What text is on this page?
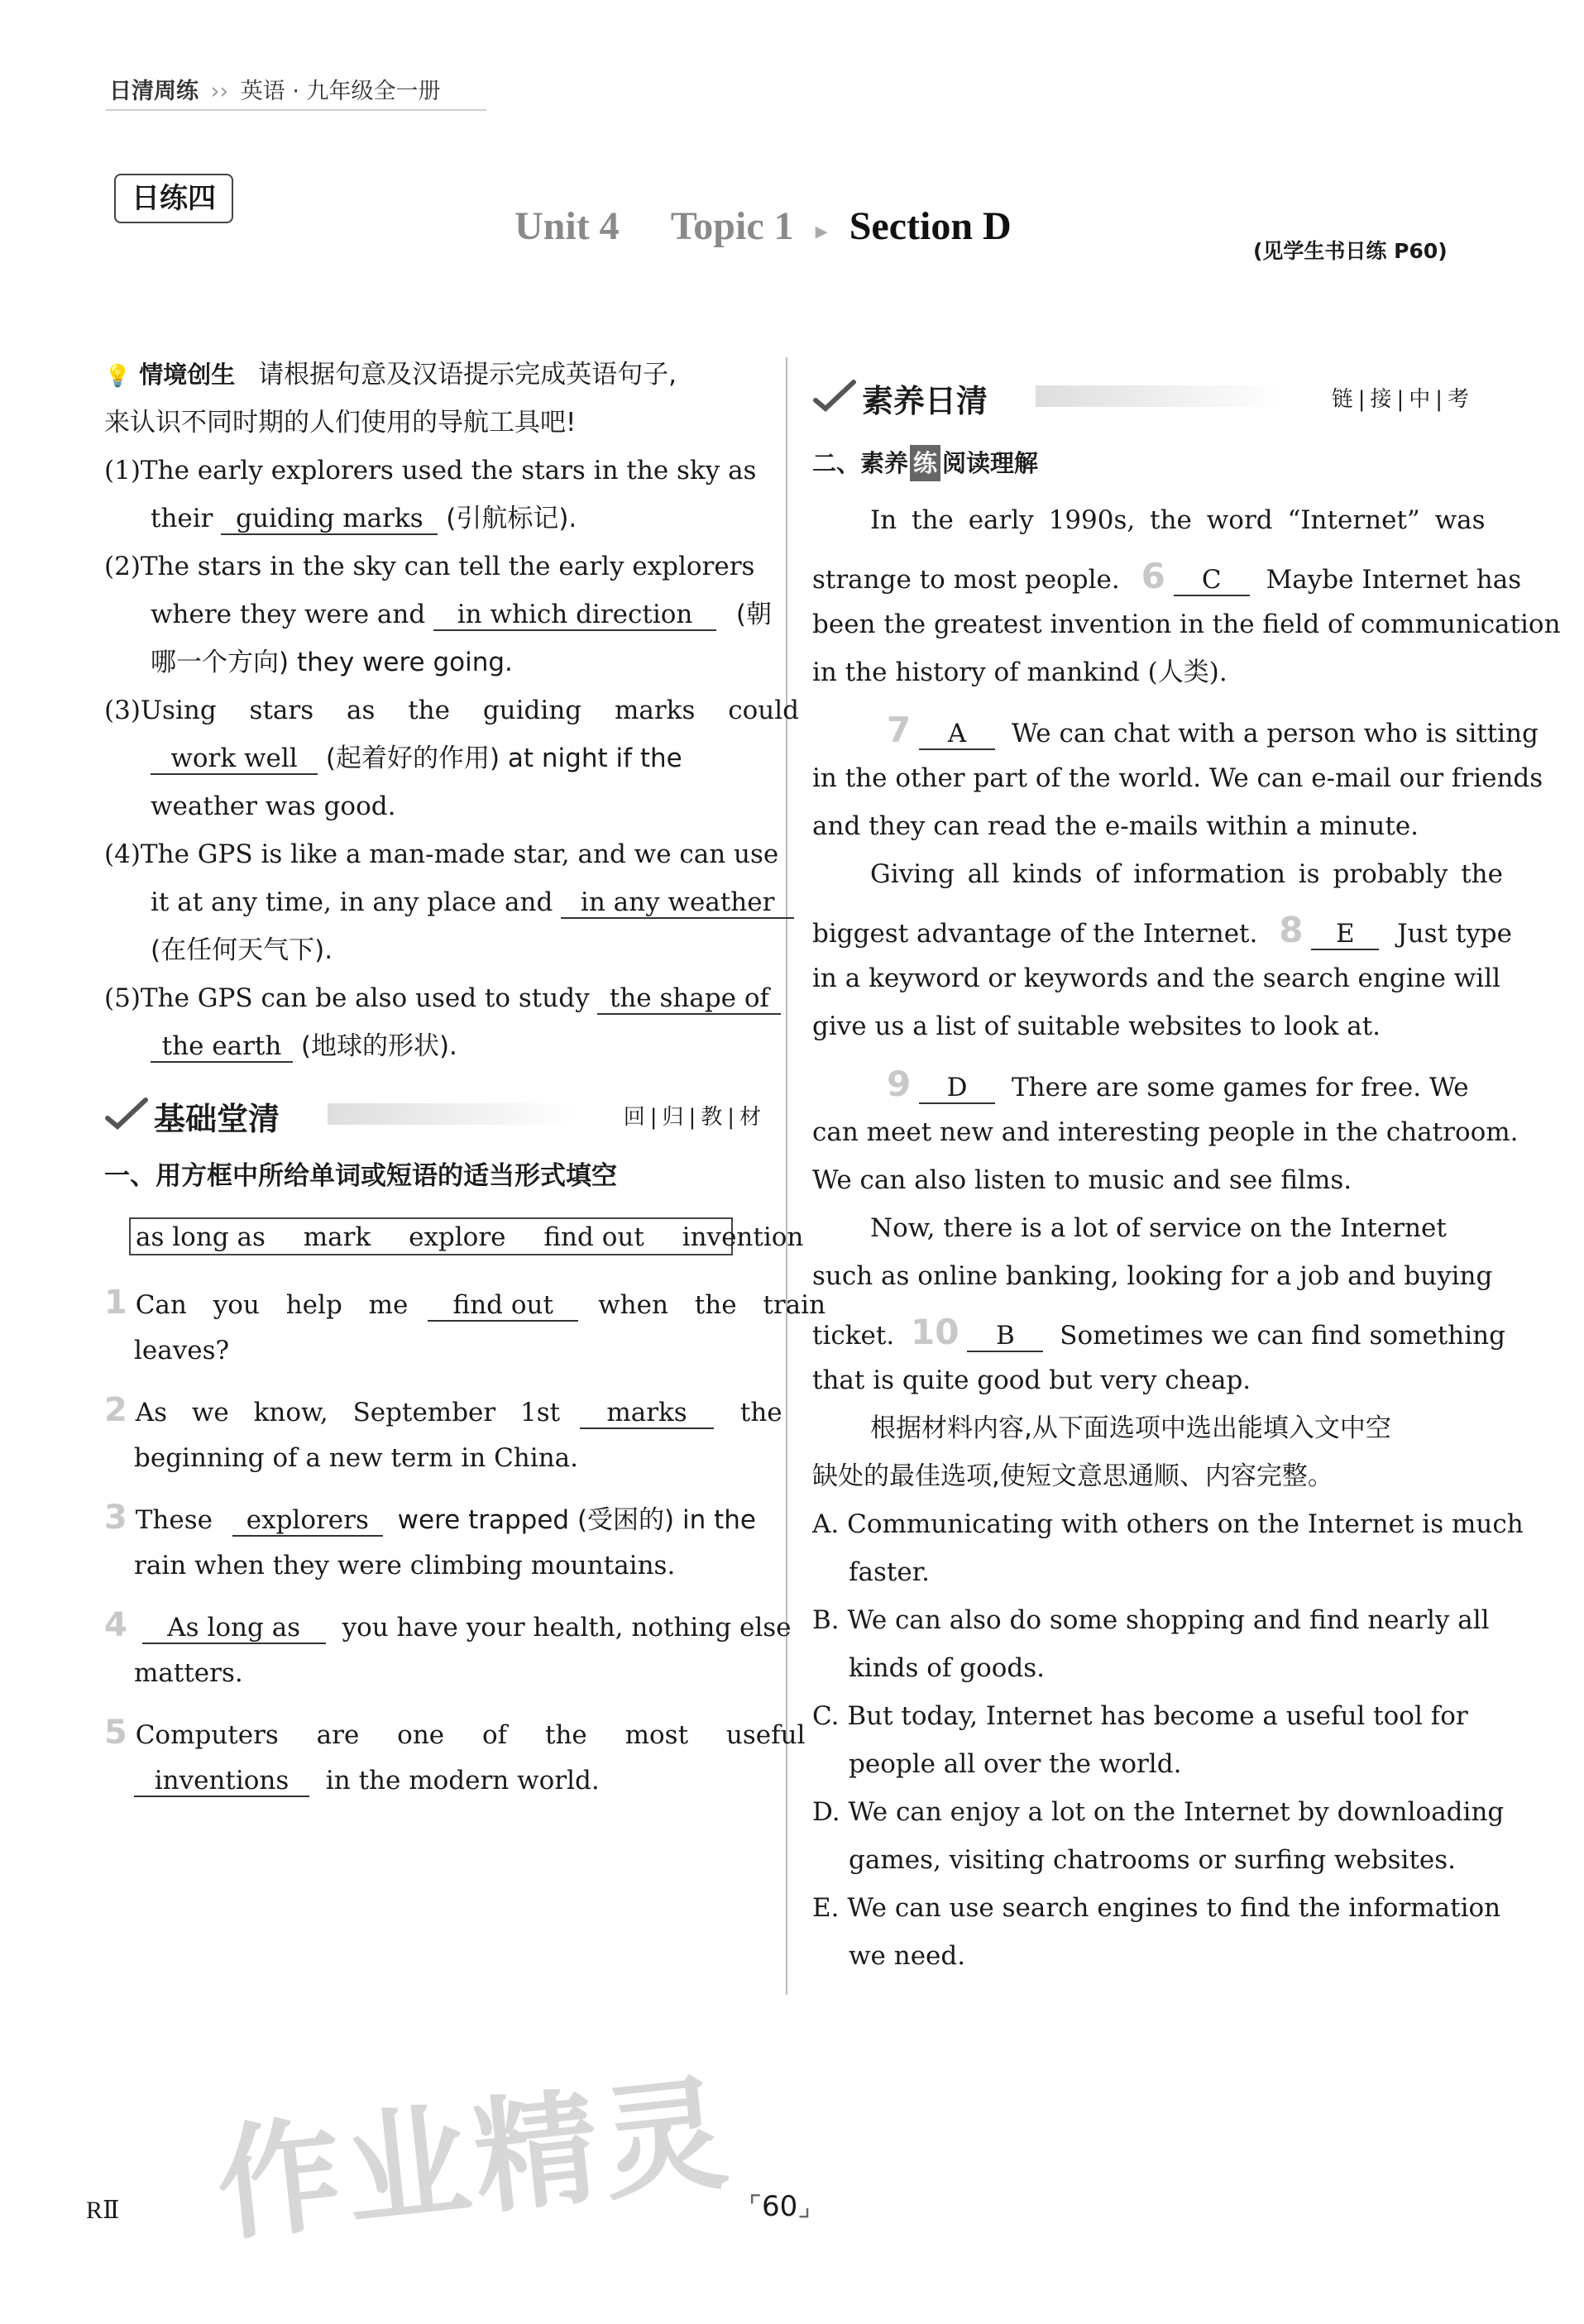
日清周练 ›› 英语 · 九年级全一册
日练四
Unit 4 Topic 1 ▸ Section D
(见学生书日练 P60)
💡 情境创生 请根据句意及汉语提示完成英语句子,
来认识不同时期的人们使用的导航工具吧!
(1)The early explorers used the stars in the sky as
their guiding marks (引航标记).
(2)The stars in the sky can tell the early explorers
where they were and in which direction (朝
哪一个方向) they were going.
(3)Using stars as the guiding marks could
work well (起着好的作用) at night if the
weather was good.
(4)The GPS is like a man-made star, and we can use
it at any time, in any place and in any weather
(在任何天气下).
(5)The GPS can be also used to study the shape of
the earth (地球的形状).
基础堂清	回|归|教|材
一、用方框中所给单词或短语的适当形式填空
as long as mark explore find out invention
1 Can you help me find out when the train
leaves?
2 As we know, September 1st marks the
beginning of a new term in China.
3 These explorers were trapped (受困的) in the
rain when they were climbing mountains.
4 As long as you have your health, nothing else
matters.
5 Computers are one of the most useful
inventions in the modern world.
素养日清	链|接|中|考
二、素养 练 阅读理解
In the early 1990s, the word “Internet” was
strange to most people. 6 C Maybe Internet has
been the greatest invention in the field of communication
in the history of mankind (人类).
7 A We can chat with a person who is sitting
in the other part of the world. We can e-mail our friends
and they can read the e-mails within a minute.
Giving all kinds of information is probably the
biggest advantage of the Internet. 8 E Just type
in a keyword or keywords and the search engine will
give us a list of suitable websites to look at.
9 D There are some games for free. We
can meet new and interesting people in the chatroom.
We can also listen to music and see films.
Now, there is a lot of service on the Internet
such as online banking, looking for a job and buying
ticket. 10 B Sometimes we can find something
that is quite good but very cheap.
根据材料内容,从下面选项中选出能填入文中空
缺处的最佳选项,使短文意思通顺、内容完整。
A. Communicating with others on the Internet is much
faster.
B. We can also do some shopping and find nearly all
kinds of goods.
C. But today, Internet has become a useful tool for
people all over the world.
D. We can enjoy a lot on the Internet by downloading
games, visiting chatrooms or surfing websites.
E. We can use search engines to find the information
we need.
作业精灵
RⅡ	⌜60⌟
